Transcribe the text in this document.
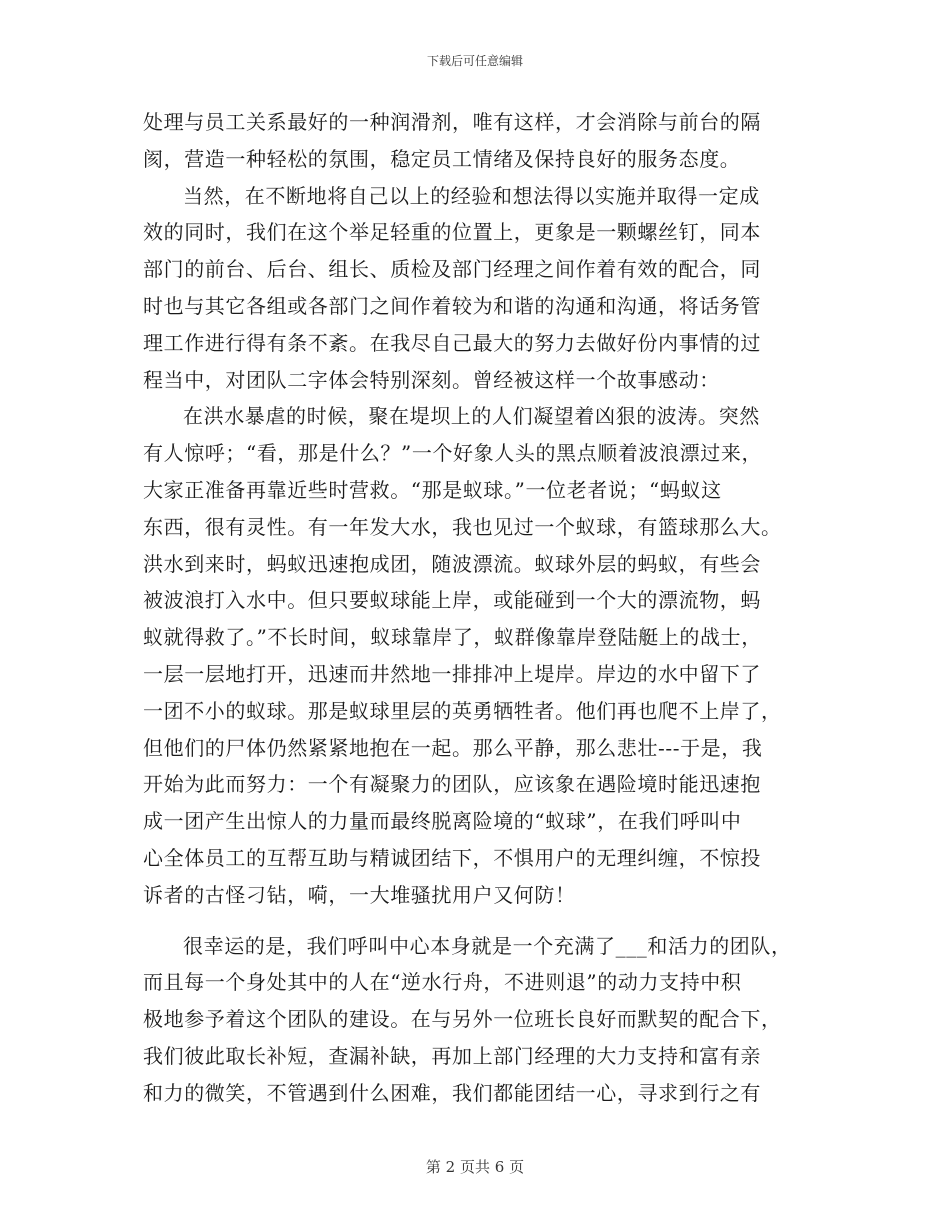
下载后可任意编辑
处理与员工关系最好的一种润滑剂，唯有这样，才会消除与前台的隔
阂，营造一种轻松的氛围，稳定员工情绪及保持良好的服务态度。
当然，在不断地将自己以上的经验和想法得以实施并取得一定成
效的同时，我们在这个举足轻重的位置上，更象是一颗螺丝钉，同本
部门的前台、后台、组长、质检及部门经理之间作着有效的配合，同
时也与其它各组或各部门之间作着较为和谐的沟通和沟通，将话务管
理工作进行得有条不紊。在我尽自己最大的努力去做好份内事情的过
程当中，对团队二字体会特别深刻。曾经被这样一个故事感动：
在洪水暴虐的时候，聚在堤坝上的人们凝望着凶狠的波涛。突然
有人惊呼；“看，那是什么？”一个好象人头的黑点顺着波浪漂过来，
大家正准备再靠近些时营救。“那是蚁球。”一位老者说；“蚂蚁这
东西，很有灵性。有一年发大水，我也见过一个蚁球，有篮球那么大。
洪水到来时，蚂蚁迅速抱成团，随波漂流。蚁球外层的蚂蚁，有些会
被波浪打入水中。但只要蚁球能上岸，或能碰到一个大的漂流物，蚂
蚁就得救了。”不长时间，蚁球靠岸了，蚁群像靠岸登陆艇上的战士，
一层一层地打开，迅速而井然地一排排冲上堤岸。岸边的水中留下了
一团不小的蚁球。那是蚁球里层的英勇牺牲者。他们再也爬不上岸了，
但他们的尸体仍然紧紧地抱在一起。那么平静，那么悲壮---于是，我
开始为此而努力：一个有凝聚力的团队，应该象在遇险境时能迅速抱
成一团产生出惊人的力量而最终脱离险境的“蚁球”，在我们呼叫中
心全体员工的互帮互助与精诚团结下，不惧用户的无理纠缠，不惊投
诉者的古怪刁钻，嗬，一大堆骚扰用户又何防！
很幸运的是，我们呼叫中心本身就是一个充满了___和活力的团队，
而且每一个身处其中的人在“逆水行舟，不进则退”的动力支持中积
极地参予着这个团队的建设。在与另外一位班长良好而默契的配合下，
我们彼此取长补短，查漏补缺，再加上部门经理的大力支持和富有亲
和力的微笑，不管遇到什么困难，我们都能团结一心，寻求到行之有
第 2 页共 6 页
